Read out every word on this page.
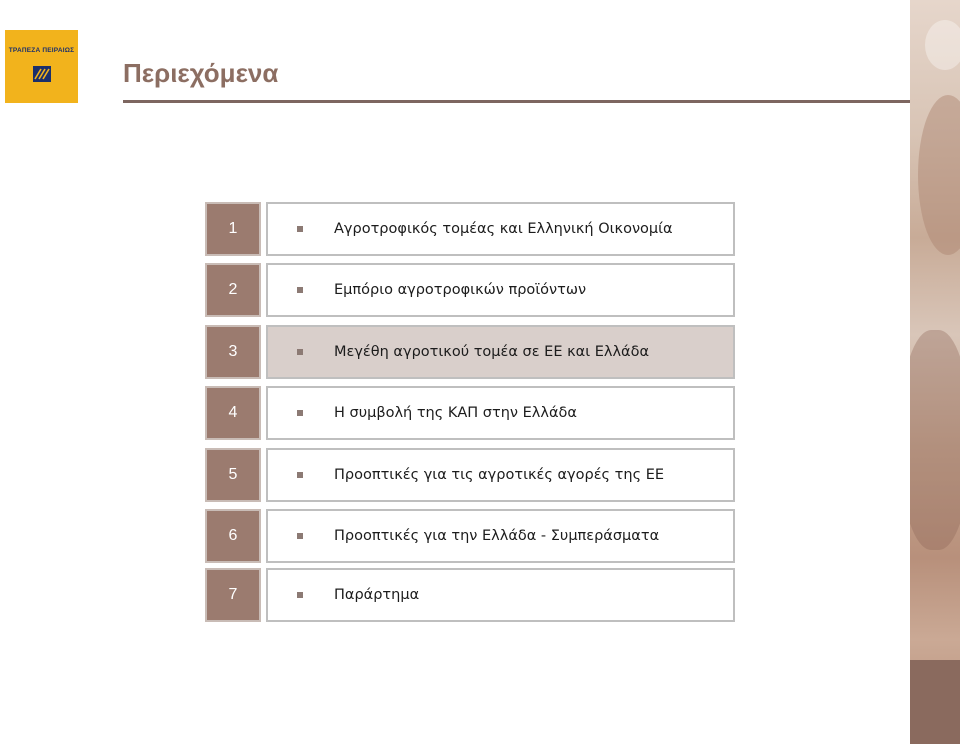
ΤΡΑΠΕΖΑ ΠΕΙΡΑΙΩΣ
Περιεχόμενα
1	Αγροτροφικός τομέας και Ελληνική Οικονομία
2	Εμπόριο αγροτροφικών προϊόντων
3	Μεγέθη αγροτικού τομέα σε ΕΕ και Ελλάδα
4	Η συμβολή της ΚΑΠ στην Ελλάδα
5	Προοπτικές για τις αγροτικές αγορές της ΕΕ
6	Προοπτικές για την Ελλάδα - Συμπεράσματα
7	Παράρτημα
